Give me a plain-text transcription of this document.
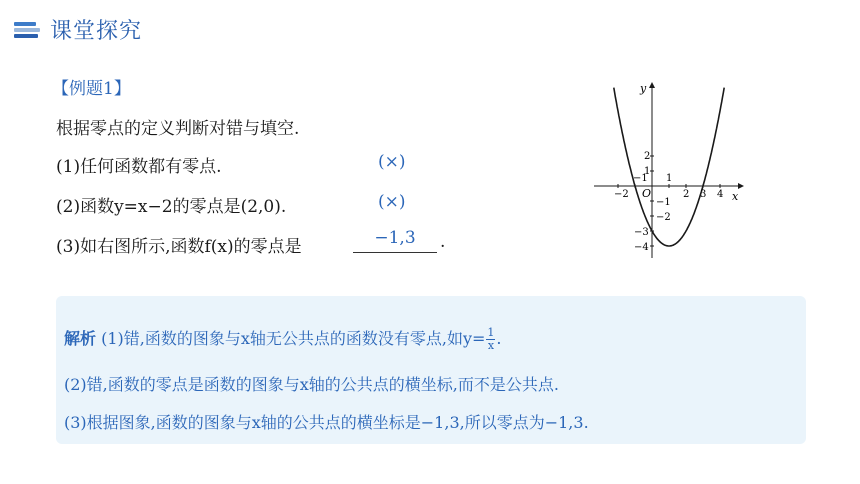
课堂探究
【例题1】
根据零点的定义判断对错与填空.
(1)任何函数都有零点.	(×)
(2)函数y=x−2的零点是(2,0).	(×)
(3)如右图所示,函数f(x)的零点是	−1,3	.
x
y
O
−2
−1 1
2 3 4
2
1
−1
−2
−3
−4
解析 (1)错,函数的图象与x轴无公共点的函数没有零点,如$y= \frac{1}{x}$ .
(2)错,函数的零点是函数的图象与x轴的公共点的横坐标,而不是公共点.
(3)根据图象,函数的图象与x轴的公共点的横坐标是−1,3,所以零点为−1,3.
